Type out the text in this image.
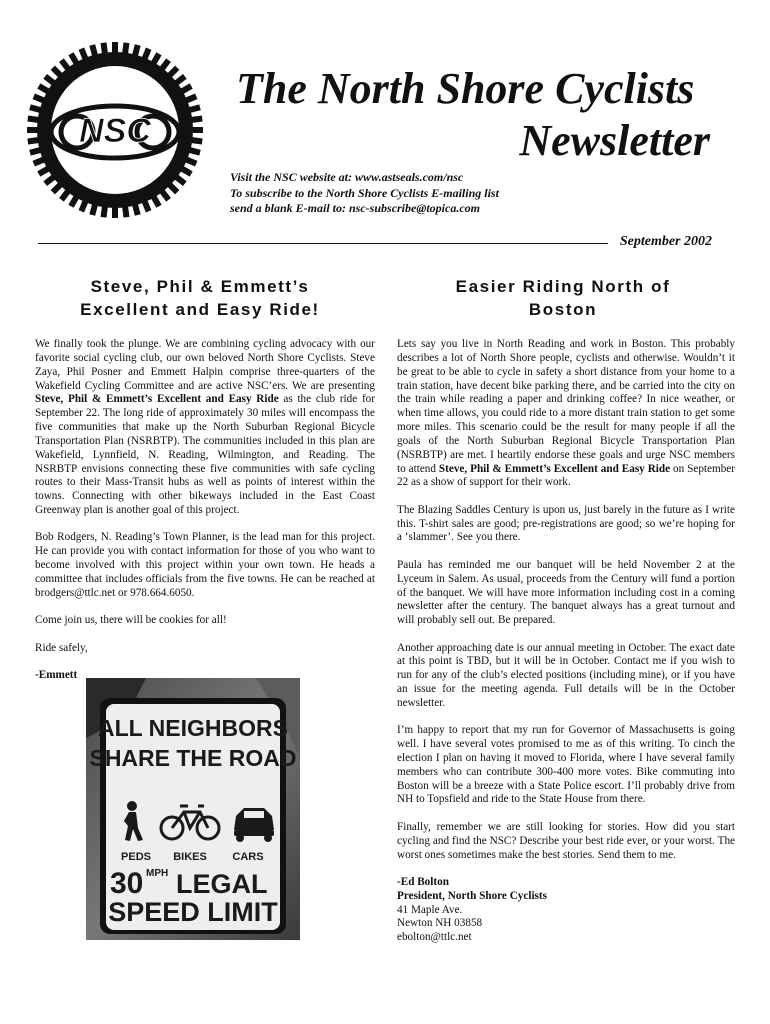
NSC
The North Shore Cyclists
Newsletter
Visit the NSC website at: www.astseals.com/nsc
To subscribe to the North Shore Cyclists E-mailing list
send a blank E-mail to: nsc-subscribe@topica.com
September 2002
Steve, Phil & Emmett’s
Excellent and Easy Ride!

We finally took the plunge. We are combining cycling advocacy with our favorite social cycling club, our own beloved North Shore Cyclists. Steve Zaya, Phil Posner and Emmett Halpin comprise three-quarters of the Wakefield Cycling Committee and are active NSC’ers. We are presenting Steve, Phil & Emmett’s Excellent and Easy Ride as the club ride for September 22. The long ride of approximately 30 miles will encompass the five communities that make up the North Suburban Regional Bicycle Transportation Plan (NSRBTP). The communities included in this plan are Wakefield, Lynnfield, N. Reading, Wilmington, and Reading. The NSRBTP envisions connecting these five communities with safe cycling routes to their Mass-Transit hubs as well as points of interest within the towns. Connecting with other bikeways included in the East Coast Greenway plan is another goal of this project.

Bob Rodgers, N. Reading’s Town Planner, is the lead man for this project. He can provide you with contact information for those of you who want to become involved with this project within your own town. He heads a committee that includes officials from the five towns. He can be reached at brodgers@ttlc.net or 978.664.6050.

Come join us, there will be cookies for all!

Ride safely,

-Emmett

ALL NEIGHBORS
SHARE THE ROAD
PEDS BIKES CARS
30 MPH LEGAL
SPEED LIMIT
Easier Riding North of
Boston

Lets say you live in North Reading and work in Boston. This probably describes a lot of North Shore people, cyclists and otherwise. Wouldn’t it be great to be able to cycle in safety a short distance from your home to a train station, have decent bike parking there, and be carried into the city on the train while reading a paper and drinking coffee? In nice weather, or when time allows, you could ride to a more distant train station to get some more miles. This scenario could be the result for many people if all the goals of the North Suburban Regional Bicycle Transportation Plan (NSRBTP) are met. I heartily endorse these goals and urge NSC members to attend Steve, Phil & Emmett’s Excellent and Easy Ride on September 22 as a show of support for their work.

The Blazing Saddles Century is upon us, just barely in the future as I write this. T-shirt sales are good; pre-registrations are good; so we’re hoping for a ‘slammer’. See you there.

Paula has reminded me our banquet will be held November 2 at the Lyceum in Salem. As usual, proceeds from the Century will fund a portion of the banquet. We will have more information including cost in a coming newsletter after the century. The banquet always has a great turnout and will probably sell out. Be prepared.

Another approaching date is our annual meeting in October. The exact date at this point is TBD, but it will be in October. Contact me if you wish to run for any of the club’s elected positions (including mine), or if you have an issue for the meeting agenda. Full details will be in the October newsletter.

I’m happy to report that my run for Governor of Massachusetts is going well. I have several votes promised to me as of this writing. To cinch the election I plan on having it moved to Florida, where I have several family members who can contribute 300-400 more votes. Bike commuting into Boston will be a breeze with a State Police escort. I’ll probably drive from NH to Topsfield and ride to the State House from there.

Finally, remember we are still looking for stories. How did you start cycling and find the NSC? Describe your best ride ever, or your worst. The worst ones sometimes make the best stories. Send them to me.

-Ed Bolton
President, North Shore Cyclists
41 Maple Ave.
Newton NH 03858
ebolton@ttlc.net
